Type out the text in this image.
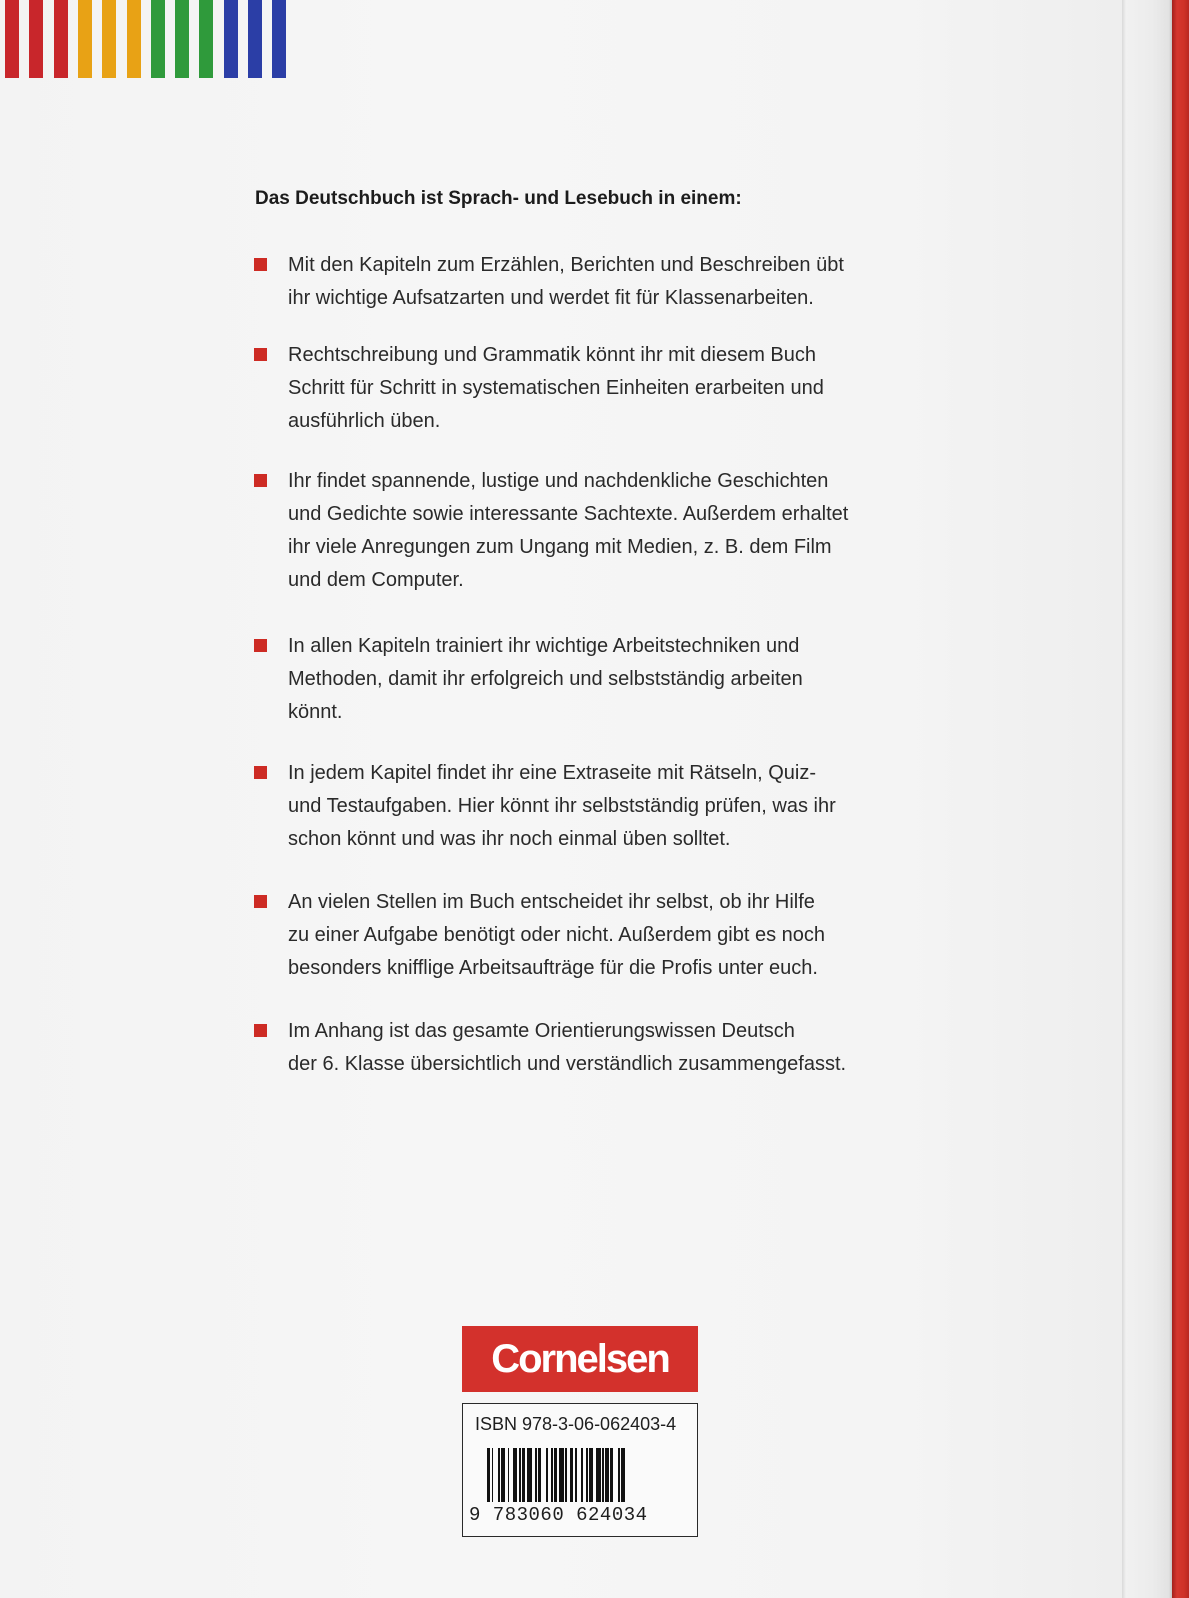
Das Deutschbuch ist Sprach- und Lesebuch in einem:

Mit den Kapiteln zum Erzählen, Berichten und Beschreiben übt
ihr wichtige Aufsatzarten und werdet fit für Klassenarbeiten.

Rechtschreibung und Grammatik könnt ihr mit diesem Buch
Schritt für Schritt in systematischen Einheiten erarbeiten und
ausführlich üben.

Ihr findet spannende, lustige und nachdenkliche Geschichten
und Gedichte sowie interessante Sachtexte. Außerdem erhaltet
ihr viele Anregungen zum Ungang mit Medien, z. B. dem Film
und dem Computer.

In allen Kapiteln trainiert ihr wichtige Arbeitstechniken und
Methoden, damit ihr erfolgreich und selbstständig arbeiten
könnt.

In jedem Kapitel findet ihr eine Extraseite mit Rätseln, Quiz-
und Testaufgaben. Hier könnt ihr selbstständig prüfen, was ihr
schon könnt und was ihr noch einmal üben solltet.

An vielen Stellen im Buch entscheidet ihr selbst, ob ihr Hilfe
zu einer Aufgabe benötigt oder nicht. Außerdem gibt es noch
besonders knifflige Arbeitsaufträge für die Profis unter euch.

Im Anhang ist das gesamte Orientierungswissen Deutsch
der 6. Klasse übersichtlich und verständlich zusammengefasst.

Cornelsen

ISBN 978-3-06-062403-4

9 783060 624034
